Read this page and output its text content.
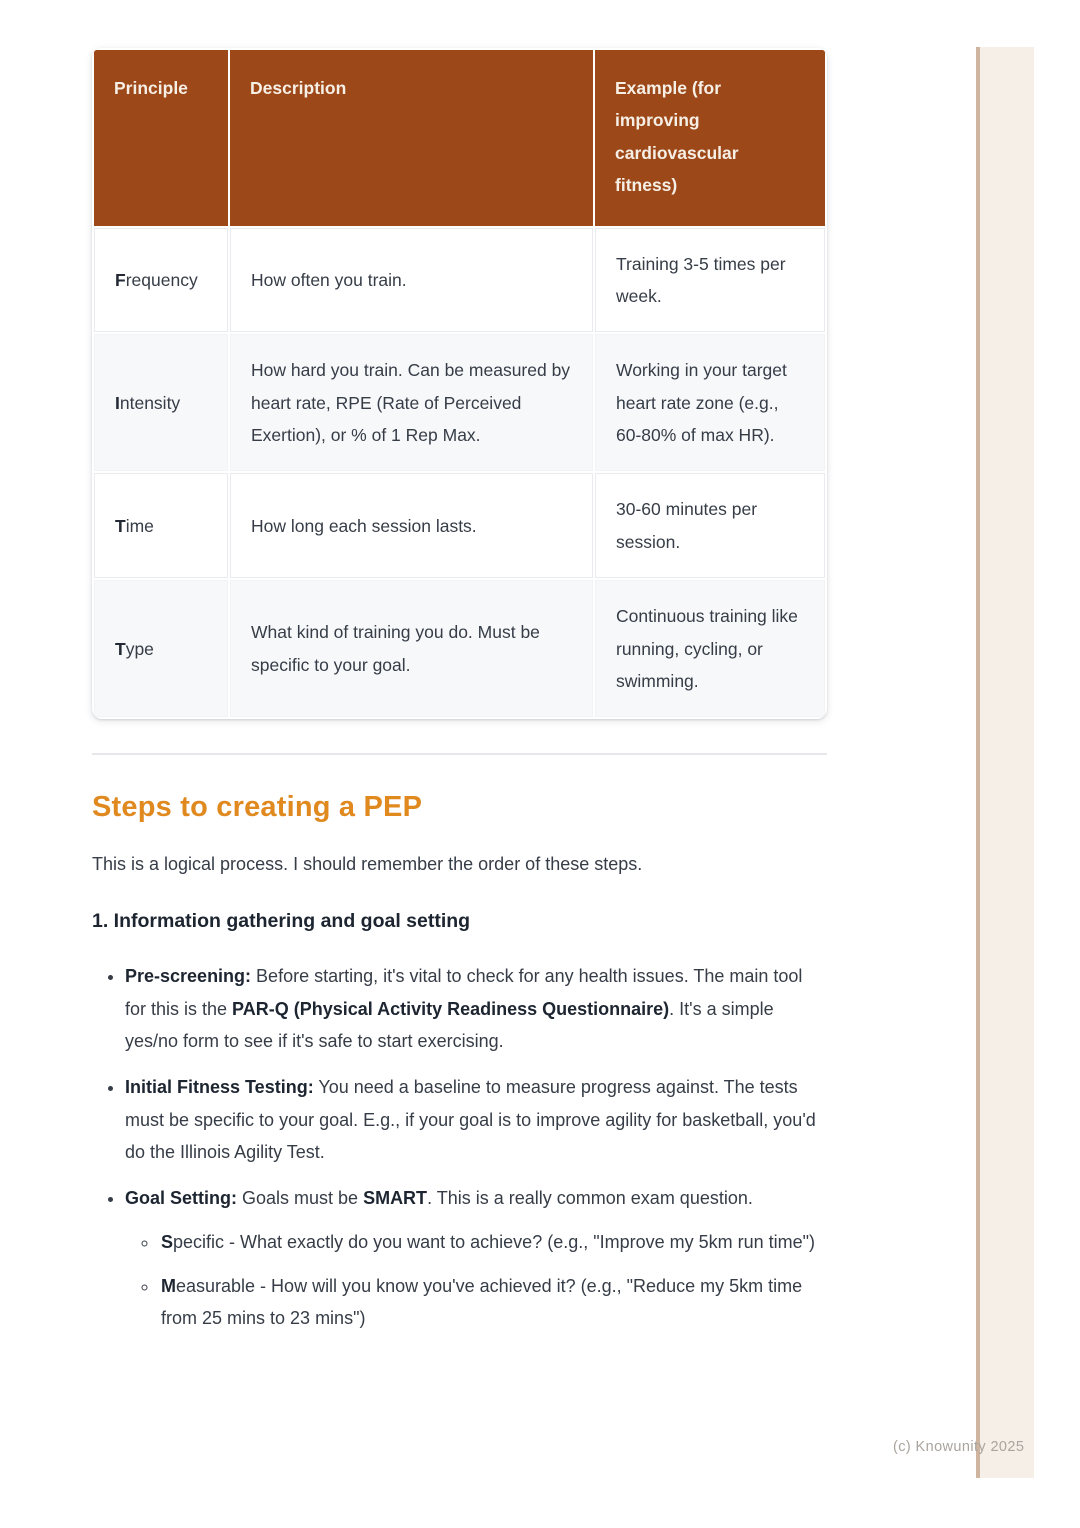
Principle	Description	Example (for improving cardiovascular fitness)
Frequency	How often you train.	Training 3-5 times per week.
Intensity	How hard you train. Can be measured by heart rate, RPE (Rate of Perceived Exertion), or % of 1 Rep Max.	Working in your target heart rate zone (e.g., 60-80% of max HR).
Time	How long each session lasts.	30-60 minutes per session.
Type	What kind of training you do. Must be specific to your goal.	Continuous training like running, cycling, or swimming.
Steps to creating a PEP

This is a logical process. I should remember the order of these steps.

1. Information gathering and goal setting

• Pre-screening: Before starting, it's vital to check for any health issues. The main tool for this is the PAR-Q (Physical Activity Readiness Questionnaire). It's a simple yes/no form to see if it's safe to start exercising.
• Initial Fitness Testing: You need a baseline to measure progress against. The tests must be specific to your goal. E.g., if your goal is to improve agility for basketball, you'd do the Illinois Agility Test.
• Goal Setting: Goals must be SMART. This is a really common exam question.
◦ Specific - What exactly do you want to achieve? (e.g., "Improve my 5km run time")
◦ Measurable - How will you know you've achieved it? (e.g., "Reduce my 5km time from 25 mins to 23 mins")
(c) Knowunity 2025
